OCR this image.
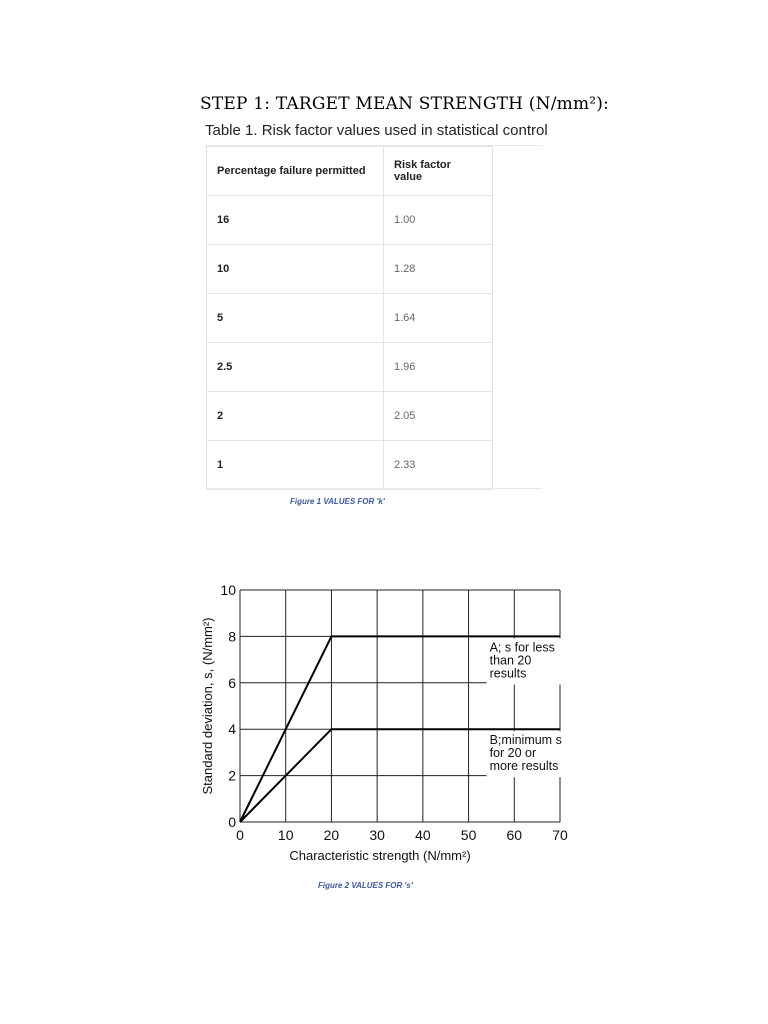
STEP 1: TARGET MEAN STRENGTH (N/mm²):
Table 1. Risk factor values used in statistical control
Percentage failure permitted	Risk factor value
16	1.00
10	1.28
5	1.64
2.5	1.96
2	2.05
1	2.33
Figure 1 VALUES FOR 'k'
0 10 20 30 40 50 60 70
0
2
4
6
8
10
Characteristic strength (N/mm²)
Standard deviation, s, (N/mm²)	A; s for less
than 20
results
B;minimum s
for 20 or
more results
Figure 2 VALUES FOR 's'
